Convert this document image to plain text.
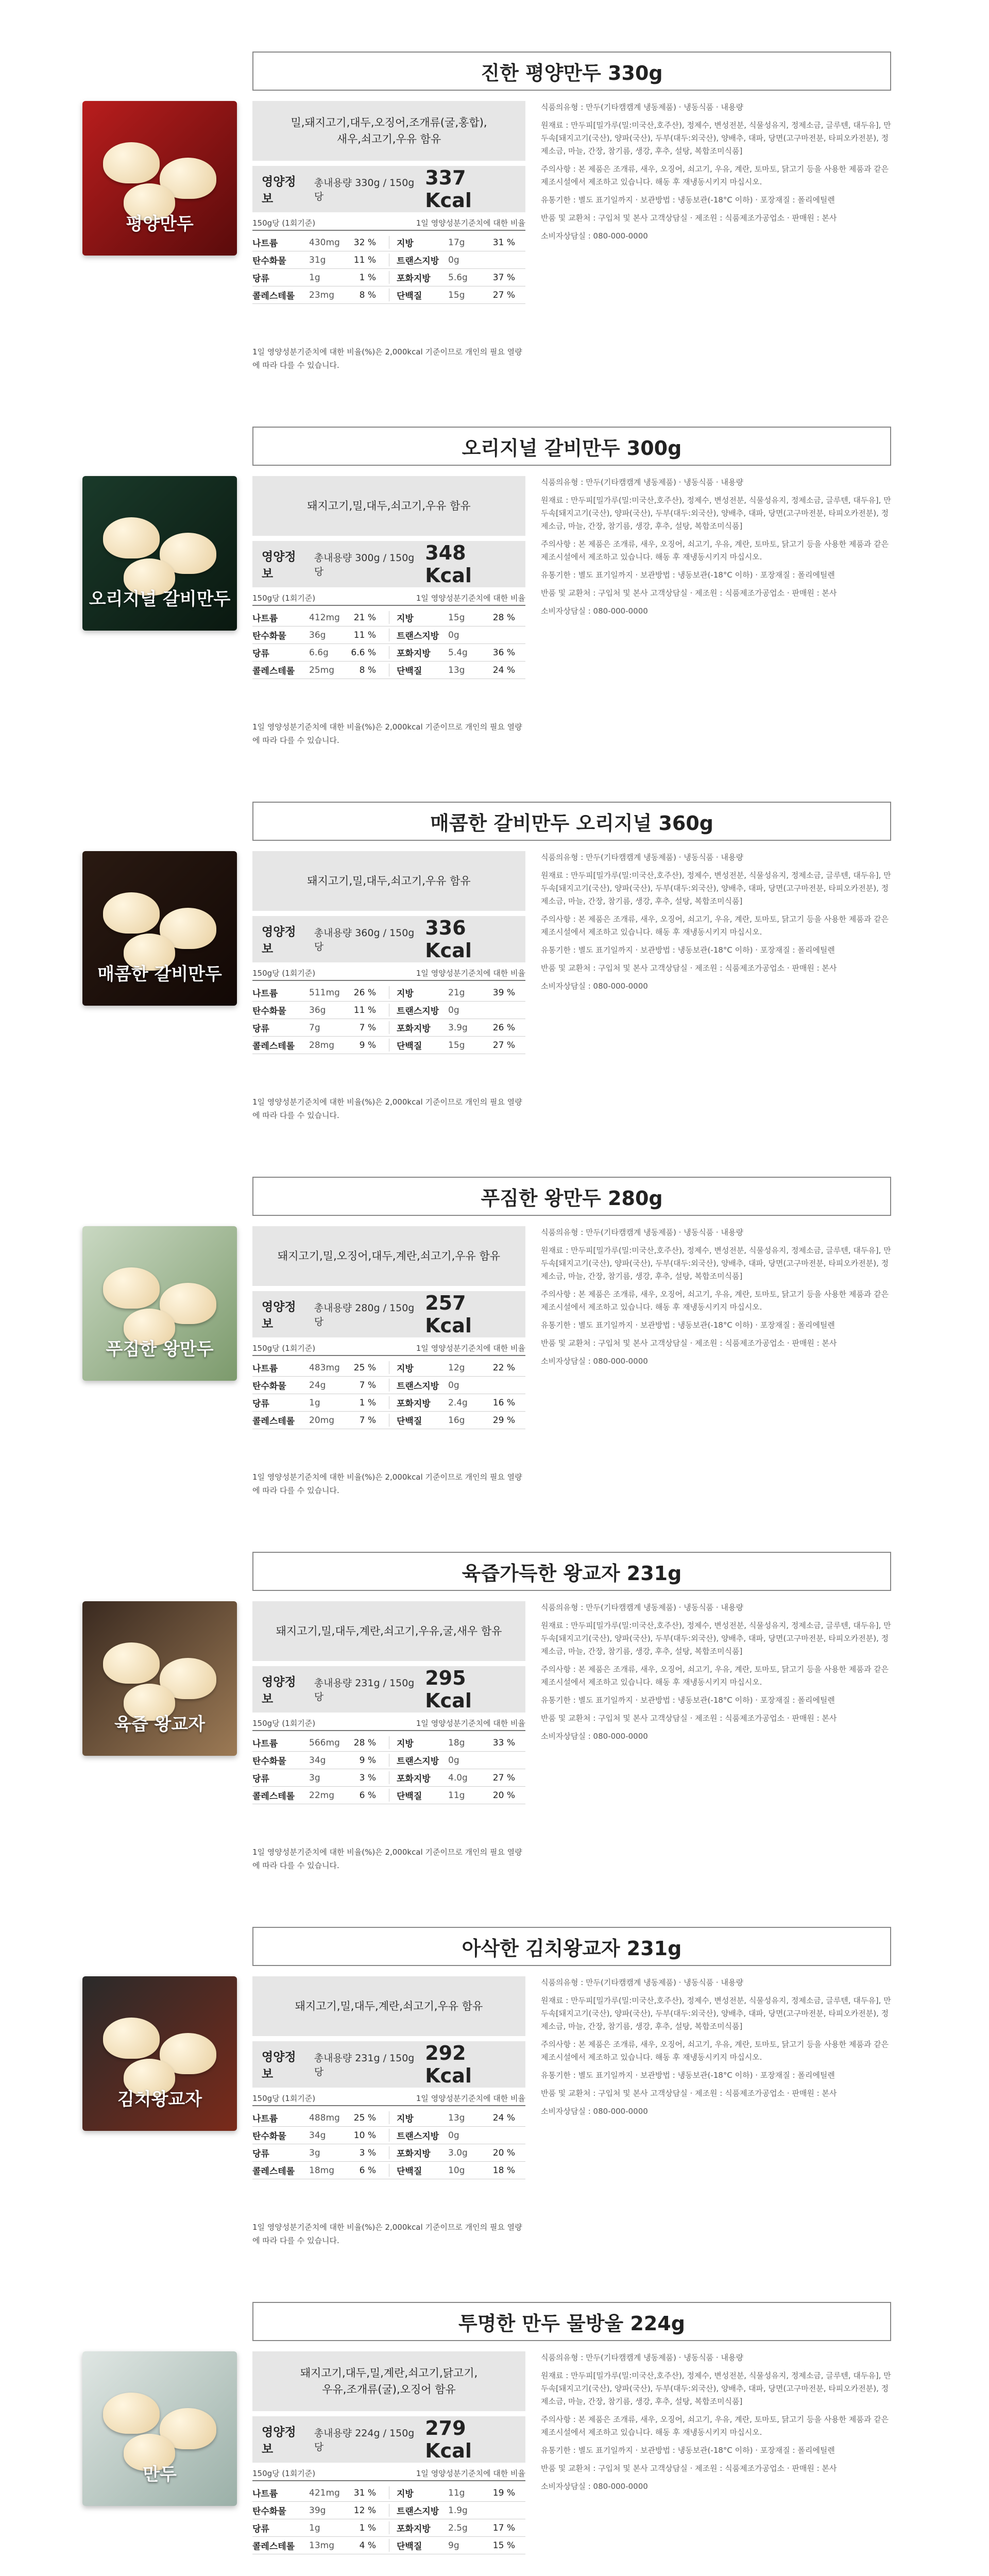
진한 평양만두 330g
평양만두
밀,돼지고기,대두,오징어,조개류(굴,홍합),
새우,쇠고기,우유 함유
영양정보
총내용량 330g / 150g당
337 Kcal
150g당 (1회기준)	1일 영양성분기준치에 대한 비율
나트륨	430mg	32 %	지방	17g	31 %
탄수화물	31g	11 %	트랜스지방	0g
당류	1g	1 %	포화지방	5.6g	37 %
콜레스테롤	23mg	8 %	단백질	15g	27 %
1일 영양성분기준치에 대한 비율(%)은 2,000kcal 기준이므로 개인의 필요 열량에 따라 다를 수 있습니다.

식품의유형 : 만두(기타캠캠계 냉동제품) · 냉동식품 · 내용량

원재료 : 만두피[밀가루(밀:미국산,호주산), 정제수, 변성전분, 식물성유지, 정제소금, 글루텐, 대두유], 만두속[돼지고기(국산), 양파(국산), 두부(대두:외국산), 양배추, 대파, 당면(고구마전분, 타피오카전분), 정제소금, 마늘, 간장, 참기름, 생강, 후추, 설탕, 복합조미식품]

주의사항 : 본 제품은 조개류, 새우, 오징어, 쇠고기, 우유, 계란, 토마토, 닭고기 등을 사용한 제품과 같은 제조시설에서 제조하고 있습니다. 해동 후 재냉동시키지 마십시오.

유통기한 : 별도 표기일까지 · 보관방법 : 냉동보관(-18°C 이하) · 포장재질 : 폴리에틸렌

반품 및 교환처 : 구입처 및 본사 고객상담실 · 제조원 : 식품제조가공업소 · 판매원 : 본사

소비자상담실 : 080-000-0000

오리지널 갈비만두 300g
오리지널 갈비만두
돼지고기,밀,대두,쇠고기,우유 함유
영양정보
총내용량 300g / 150g당
348 Kcal
150g당 (1회기준)	1일 영양성분기준치에 대한 비율
나트륨	412mg	21 %	지방	15g	28 %
탄수화물	36g	11 %	트랜스지방	0g
당류	6.6g	6.6 %	포화지방	5.4g	36 %
콜레스테롤	25mg	8 %	단백질	13g	24 %
1일 영양성분기준치에 대한 비율(%)은 2,000kcal 기준이므로 개인의 필요 열량에 따라 다를 수 있습니다.

식품의유형 : 만두(기타캠캠계 냉동제품) · 냉동식품 · 내용량

원재료 : 만두피[밀가루(밀:미국산,호주산), 정제수, 변성전분, 식물성유지, 정제소금, 글루텐, 대두유], 만두속[돼지고기(국산), 양파(국산), 두부(대두:외국산), 양배추, 대파, 당면(고구마전분, 타피오카전분), 정제소금, 마늘, 간장, 참기름, 생강, 후추, 설탕, 복합조미식품]

주의사항 : 본 제품은 조개류, 새우, 오징어, 쇠고기, 우유, 계란, 토마토, 닭고기 등을 사용한 제품과 같은 제조시설에서 제조하고 있습니다. 해동 후 재냉동시키지 마십시오.

유통기한 : 별도 표기일까지 · 보관방법 : 냉동보관(-18°C 이하) · 포장재질 : 폴리에틸렌

반품 및 교환처 : 구입처 및 본사 고객상담실 · 제조원 : 식품제조가공업소 · 판매원 : 본사

소비자상담실 : 080-000-0000

매콤한 갈비만두 오리지널 360g
매콤한 갈비만두
돼지고기,밀,대두,쇠고기,우유 함유
영양정보
총내용량 360g / 150g당
336 Kcal
150g당 (1회기준)	1일 영양성분기준치에 대한 비율
나트륨	511mg	26 %	지방	21g	39 %
탄수화물	36g	11 %	트랜스지방	0g
당류	7g	7 %	포화지방	3.9g	26 %
콜레스테롤	28mg	9 %	단백질	15g	27 %
1일 영양성분기준치에 대한 비율(%)은 2,000kcal 기준이므로 개인의 필요 열량에 따라 다를 수 있습니다.

식품의유형 : 만두(기타캠캠계 냉동제품) · 냉동식품 · 내용량

원재료 : 만두피[밀가루(밀:미국산,호주산), 정제수, 변성전분, 식물성유지, 정제소금, 글루텐, 대두유], 만두속[돼지고기(국산), 양파(국산), 두부(대두:외국산), 양배추, 대파, 당면(고구마전분, 타피오카전분), 정제소금, 마늘, 간장, 참기름, 생강, 후추, 설탕, 복합조미식품]

주의사항 : 본 제품은 조개류, 새우, 오징어, 쇠고기, 우유, 계란, 토마토, 닭고기 등을 사용한 제품과 같은 제조시설에서 제조하고 있습니다. 해동 후 재냉동시키지 마십시오.

유통기한 : 별도 표기일까지 · 보관방법 : 냉동보관(-18°C 이하) · 포장재질 : 폴리에틸렌

반품 및 교환처 : 구입처 및 본사 고객상담실 · 제조원 : 식품제조가공업소 · 판매원 : 본사

소비자상담실 : 080-000-0000

푸짐한 왕만두 280g
푸짐한 왕만두
돼지고기,밀,오징어,대두,계란,쇠고기,우유 함유
영양정보
총내용량 280g / 150g당
257 Kcal
150g당 (1회기준)	1일 영양성분기준치에 대한 비율
나트륨	483mg	25 %	지방	12g	22 %
탄수화물	24g	7 %	트랜스지방	0g
당류	1g	1 %	포화지방	2.4g	16 %
콜레스테롤	20mg	7 %	단백질	16g	29 %
1일 영양성분기준치에 대한 비율(%)은 2,000kcal 기준이므로 개인의 필요 열량에 따라 다를 수 있습니다.

식품의유형 : 만두(기타캠캠계 냉동제품) · 냉동식품 · 내용량

원재료 : 만두피[밀가루(밀:미국산,호주산), 정제수, 변성전분, 식물성유지, 정제소금, 글루텐, 대두유], 만두속[돼지고기(국산), 양파(국산), 두부(대두:외국산), 양배추, 대파, 당면(고구마전분, 타피오카전분), 정제소금, 마늘, 간장, 참기름, 생강, 후추, 설탕, 복합조미식품]

주의사항 : 본 제품은 조개류, 새우, 오징어, 쇠고기, 우유, 계란, 토마토, 닭고기 등을 사용한 제품과 같은 제조시설에서 제조하고 있습니다. 해동 후 재냉동시키지 마십시오.

유통기한 : 별도 표기일까지 · 보관방법 : 냉동보관(-18°C 이하) · 포장재질 : 폴리에틸렌

반품 및 교환처 : 구입처 및 본사 고객상담실 · 제조원 : 식품제조가공업소 · 판매원 : 본사

소비자상담실 : 080-000-0000

육즙가득한 왕교자 231g
육즙 왕교자
돼지고기,밀,대두,계란,쇠고기,우유,굴,새우 함유
영양정보
총내용량 231g / 150g당
295 Kcal
150g당 (1회기준)	1일 영양성분기준치에 대한 비율
나트륨	566mg	28 %	지방	18g	33 %
탄수화물	34g	9 %	트랜스지방	0g
당류	3g	3 %	포화지방	4.0g	27 %
콜레스테롤	22mg	6 %	단백질	11g	20 %
1일 영양성분기준치에 대한 비율(%)은 2,000kcal 기준이므로 개인의 필요 열량에 따라 다를 수 있습니다.

식품의유형 : 만두(기타캠캠계 냉동제품) · 냉동식품 · 내용량

원재료 : 만두피[밀가루(밀:미국산,호주산), 정제수, 변성전분, 식물성유지, 정제소금, 글루텐, 대두유], 만두속[돼지고기(국산), 양파(국산), 두부(대두:외국산), 양배추, 대파, 당면(고구마전분, 타피오카전분), 정제소금, 마늘, 간장, 참기름, 생강, 후추, 설탕, 복합조미식품]

주의사항 : 본 제품은 조개류, 새우, 오징어, 쇠고기, 우유, 계란, 토마토, 닭고기 등을 사용한 제품과 같은 제조시설에서 제조하고 있습니다. 해동 후 재냉동시키지 마십시오.

유통기한 : 별도 표기일까지 · 보관방법 : 냉동보관(-18°C 이하) · 포장재질 : 폴리에틸렌

반품 및 교환처 : 구입처 및 본사 고객상담실 · 제조원 : 식품제조가공업소 · 판매원 : 본사

소비자상담실 : 080-000-0000

아삭한 김치왕교자 231g
김치왕교자
돼지고기,밀,대두,계란,쇠고기,우유 함유
영양정보
총내용량 231g / 150g당
292 Kcal
150g당 (1회기준)	1일 영양성분기준치에 대한 비율
나트륨	488mg	25 %	지방	13g	24 %
탄수화물	34g	10 %	트랜스지방	0g
당류	3g	3 %	포화지방	3.0g	20 %
콜레스테롤	18mg	6 %	단백질	10g	18 %
1일 영양성분기준치에 대한 비율(%)은 2,000kcal 기준이므로 개인의 필요 열량에 따라 다를 수 있습니다.

식품의유형 : 만두(기타캠캠계 냉동제품) · 냉동식품 · 내용량

원재료 : 만두피[밀가루(밀:미국산,호주산), 정제수, 변성전분, 식물성유지, 정제소금, 글루텐, 대두유], 만두속[돼지고기(국산), 양파(국산), 두부(대두:외국산), 양배추, 대파, 당면(고구마전분, 타피오카전분), 정제소금, 마늘, 간장, 참기름, 생강, 후추, 설탕, 복합조미식품]

주의사항 : 본 제품은 조개류, 새우, 오징어, 쇠고기, 우유, 계란, 토마토, 닭고기 등을 사용한 제품과 같은 제조시설에서 제조하고 있습니다. 해동 후 재냉동시키지 마십시오.

유통기한 : 별도 표기일까지 · 보관방법 : 냉동보관(-18°C 이하) · 포장재질 : 폴리에틸렌

반품 및 교환처 : 구입처 및 본사 고객상담실 · 제조원 : 식품제조가공업소 · 판매원 : 본사

소비자상담실 : 080-000-0000

투명한 만두 물방울 224g
만두
돼지고기,대두,밀,계란,쇠고기,닭고기,
우유,조개류(굴),오징어 함유
영양정보
총내용량 224g / 150g당
279 Kcal
150g당 (1회기준)	1일 영양성분기준치에 대한 비율
나트륨	421mg	31 %	지방	11g	19 %
탄수화물	39g	12 %	트랜스지방	1.9g
당류	1g	1 %	포화지방	2.5g	17 %
콜레스테롤	13mg	4 %	단백질	9g	15 %

식품의유형 : 만두(기타캠캠계 냉동제품) · 냉동식품 · 내용량

원재료 : 만두피[밀가루(밀:미국산,호주산), 정제수, 변성전분, 식물성유지, 정제소금, 글루텐, 대두유], 만두속[돼지고기(국산), 양파(국산), 두부(대두:외국산), 양배추, 대파, 당면(고구마전분, 타피오카전분), 정제소금, 마늘, 간장, 참기름, 생강, 후추, 설탕, 복합조미식품]

주의사항 : 본 제품은 조개류, 새우, 오징어, 쇠고기, 우유, 계란, 토마토, 닭고기 등을 사용한 제품과 같은 제조시설에서 제조하고 있습니다. 해동 후 재냉동시키지 마십시오.

유통기한 : 별도 표기일까지 · 보관방법 : 냉동보관(-18°C 이하) · 포장재질 : 폴리에틸렌

반품 및 교환처 : 구입처 및 본사 고객상담실 · 제조원 : 식품제조가공업소 · 판매원 : 본사

소비자상담실 : 080-000-0000
